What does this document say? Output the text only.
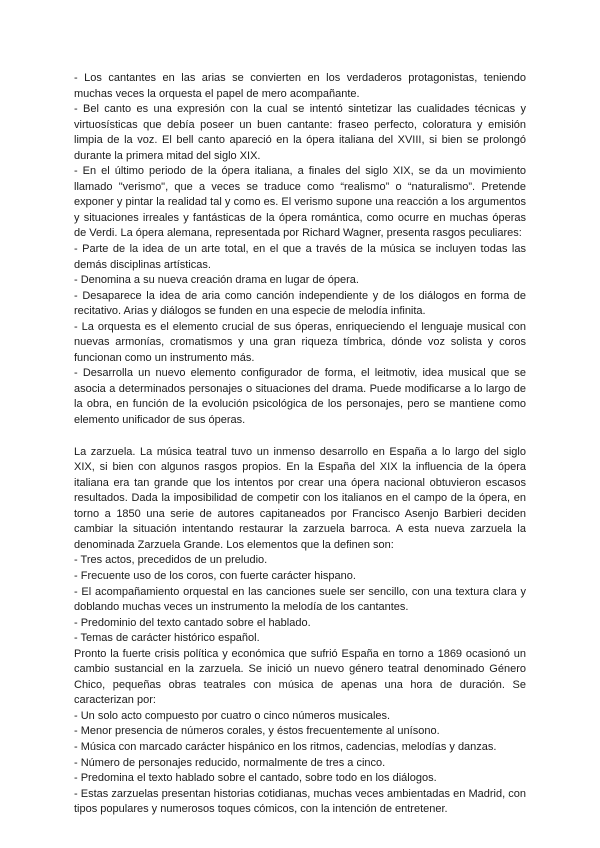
- Los cantantes en las arias se convierten en los verdaderos protagonistas, teniendo muchas veces la orquesta el papel de mero acompañante.

- Bel canto es una expresión con la cual se intentó sintetizar las cualidades técnicas y virtuosísticas que debía poseer un buen cantante: fraseo perfecto, coloratura y emisión limpia de la voz. El bell canto apareció en la ópera italiana del XVIII, si bien se prolongó durante la primera mitad del siglo XIX.

- En el último periodo de la ópera italiana, a finales del siglo XIX, se da un movimiento llamado "verismo", que a veces se traduce como “realismo” o “naturalismo”. Pretende exponer y pintar la realidad tal y como es. El verismo supone una reacción a los argumentos y situaciones irreales y fantásticas de la ópera romántica, como ocurre en muchas óperas de Verdi. La ópera alemana, representada por Richard Wagner, presenta rasgos peculiares:

- Parte de la idea de un arte total, en el que a través de la música se incluyen todas las demás disciplinas artísticas.

- Denomina a su nueva creación drama en lugar de ópera.

- Desaparece la idea de aria como canción independiente y de los diálogos en forma de recitativo. Arias y diálogos se funden en una especie de melodía infinita.

- La orquesta es el elemento crucial de sus óperas, enriqueciendo el lenguaje musical con nuevas armonías, cromatismos y una gran riqueza tímbrica, dónde voz solista y coros funcionan como un instrumento más.

- Desarrolla un nuevo elemento configurador de forma, el leitmotiv, idea musical que se asocia a determinados personajes o situaciones del drama. Puede modificarse a lo largo de la obra, en función de la evolución psicológica de los personajes, pero se mantiene como elemento unificador de sus óperas.

La zarzuela. La música teatral tuvo un inmenso desarrollo en España a lo largo del siglo XIX, si bien con algunos rasgos propios. En la España del XIX la influencia de la ópera italiana era tan grande que los intentos por crear una ópera nacional obtuvieron escasos resultados. Dada la imposibilidad de competir con los italianos en el campo de la ópera, en torno a 1850 una serie de autores capitaneados por Francisco Asenjo Barbieri deciden cambiar la situación intentando restaurar la zarzuela barroca. A esta nueva zarzuela la denominada Zarzuela Grande. Los elementos que la definen son:

- Tres actos, precedidos de un preludio.

- Frecuente uso de los coros, con fuerte carácter hispano.

- El acompañamiento orquestal en las canciones suele ser sencillo, con una textura clara y doblando muchas veces un instrumento la melodía de los cantantes.

- Predominio del texto cantado sobre el hablado.

- Temas de carácter histórico español.

Pronto la fuerte crisis política y económica que sufrió España en torno a 1869 ocasionó un cambio sustancial en la zarzuela. Se inició un nuevo género teatral denominado Género Chico, pequeñas obras teatrales con música de apenas una hora de duración. Se caracterizan por:

- Un solo acto compuesto por cuatro o cinco números musicales.

- Menor presencia de números corales, y éstos frecuentemente al unísono.

- Música con marcado carácter hispánico en los ritmos, cadencias, melodías y danzas.

- Número de personajes reducido, normalmente de tres a cinco.

- Predomina el texto hablado sobre el cantado, sobre todo en los diálogos.

- Estas zarzuelas presentan historias cotidianas, muchas veces ambientadas en Madrid, con tipos populares y numerosos toques cómicos, con la intención de entretener.
